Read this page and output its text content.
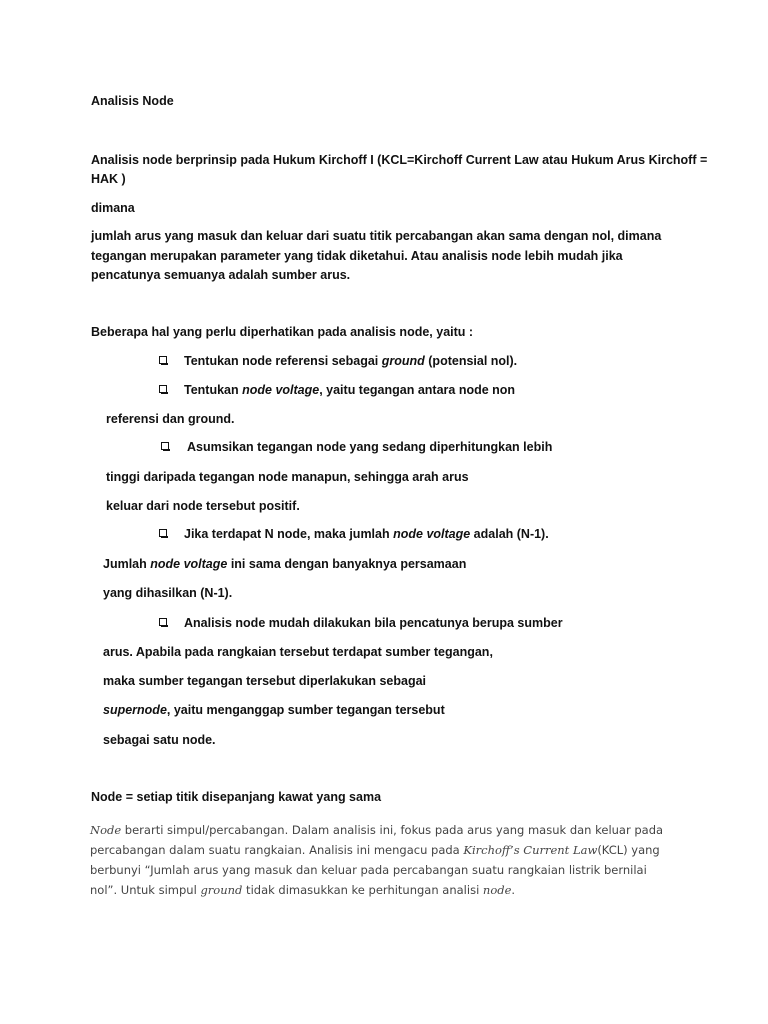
Analisis Node
Analisis node berprinsip pada Hukum Kirchoff I (KCL=Kirchoff Current Law atau Hukum Arus Kirchoff =
HAK )
dimana
jumlah arus yang masuk dan keluar dari suatu titik percabangan akan sama dengan nol, dimana tegangan merupakan parameter yang tidak diketahui. Atau analisis node lebih mudah jika pencatunya semuanya adalah sumber arus.
Beberapa hal yang perlu diperhatikan pada analisis node, yaitu :
Tentukan node referensi sebagai ground (potensial nol).
Tentukan node voltage, yaitu tegangan antara node non
referensi dan ground.
Asumsikan tegangan node yang sedang diperhitungkan lebih
tinggi daripada tegangan node manapun, sehingga arah arus
keluar dari node tersebut positif.
Jika terdapat N node, maka jumlah node voltage adalah (N-1).
Jumlah node voltage ini sama dengan banyaknya persamaan
yang dihasilkan (N-1).
Analisis node mudah dilakukan bila pencatunya berupa sumber
arus. Apabila pada rangkaian tersebut terdapat sumber tegangan,
maka sumber tegangan tersebut diperlakukan sebagai
supernode, yaitu menganggap sumber tegangan tersebut
sebagai satu node.
Node = setiap titik disepanjang kawat yang sama
Node berarti simpul/percabangan. Dalam analisis ini, fokus pada arus yang masuk dan keluar pada
percabangan dalam suatu rangkaian. Analisis ini mengacu pada Kirchoff’s Current Law(KCL) yang
berbunyi “Jumlah arus yang masuk dan keluar pada percabangan suatu rangkaian listrik bernilai
nol”. Untuk simpul ground tidak dimasukkan ke perhitungan analisi node.
